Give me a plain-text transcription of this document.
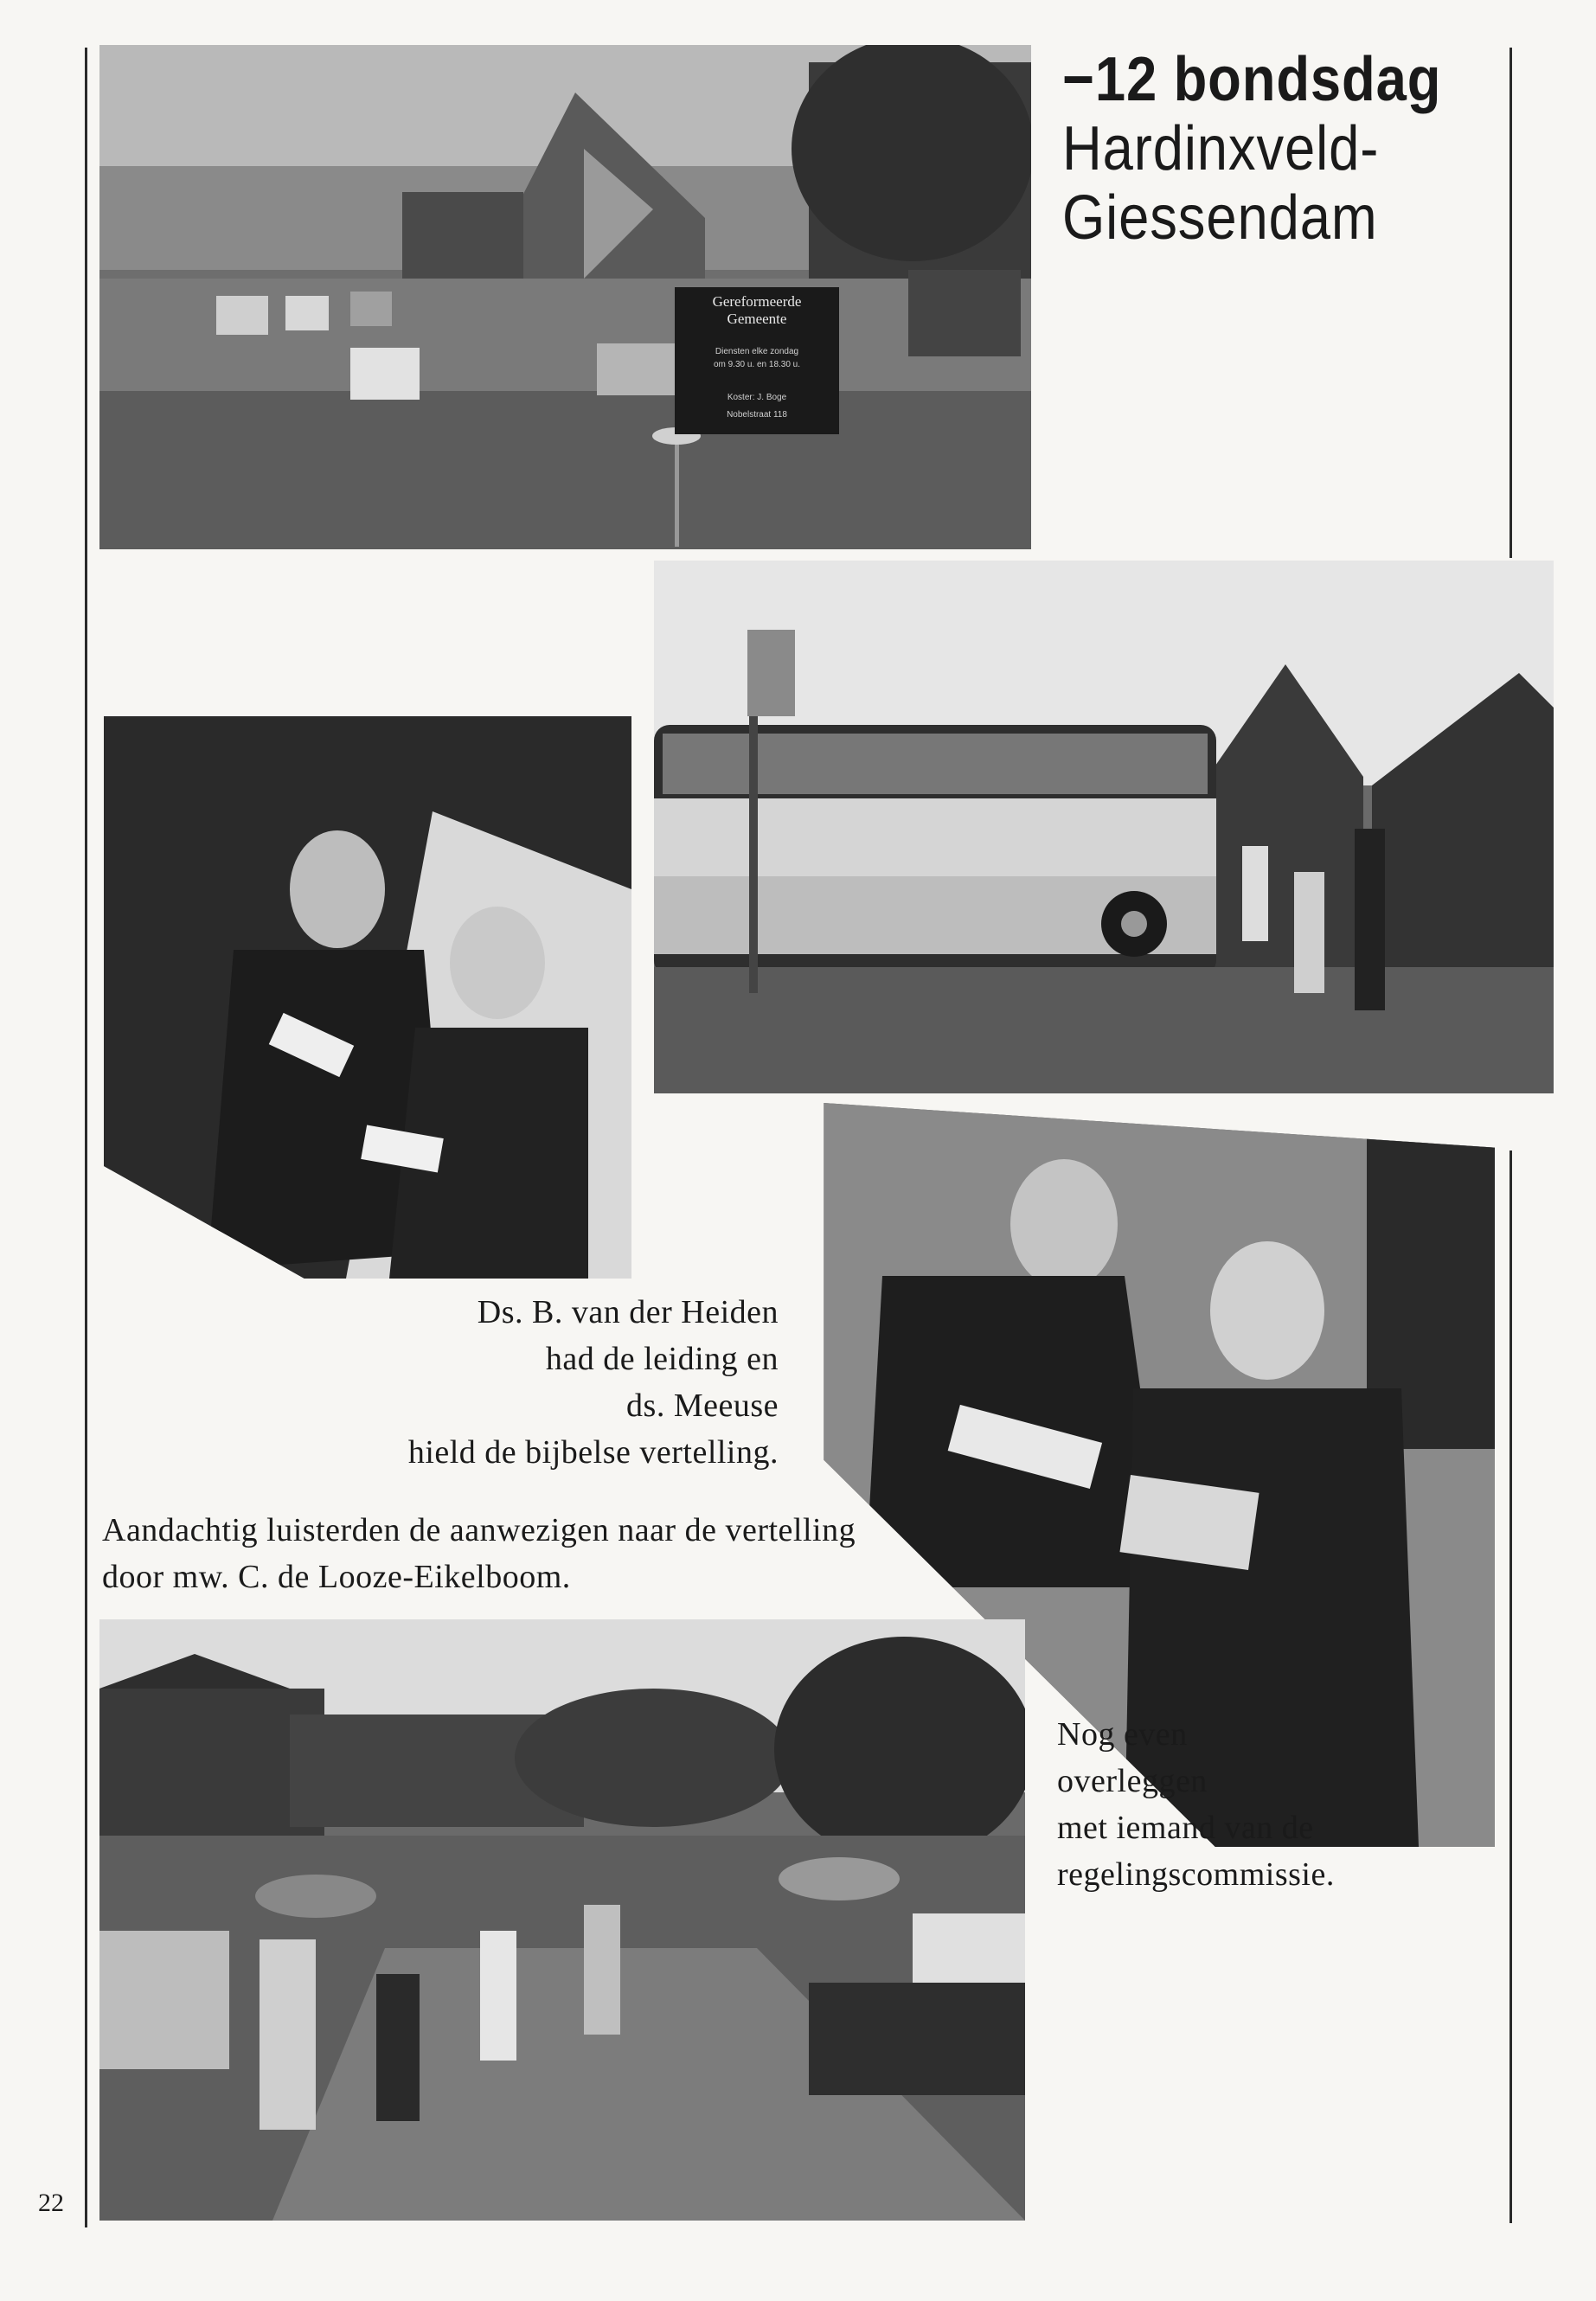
−12 bondsdag
Hardinxveld-
Giessendam
Gereformeerde
Gemeente
Diensten elke zondag
om 9.30 u. en 18.30 u.
Koster: J. Boge
Nobelstraat 118
Ds. B. van der Heiden
had de leiding en
ds. Meeuse
hield de bijbelse vertelling.
Aandachtig luisterden de aanwezigen naar de vertelling
door mw. C. de Looze-Eikelboom.
Nog even
overleggen
met iemand van de
regelingscommissie.
22
